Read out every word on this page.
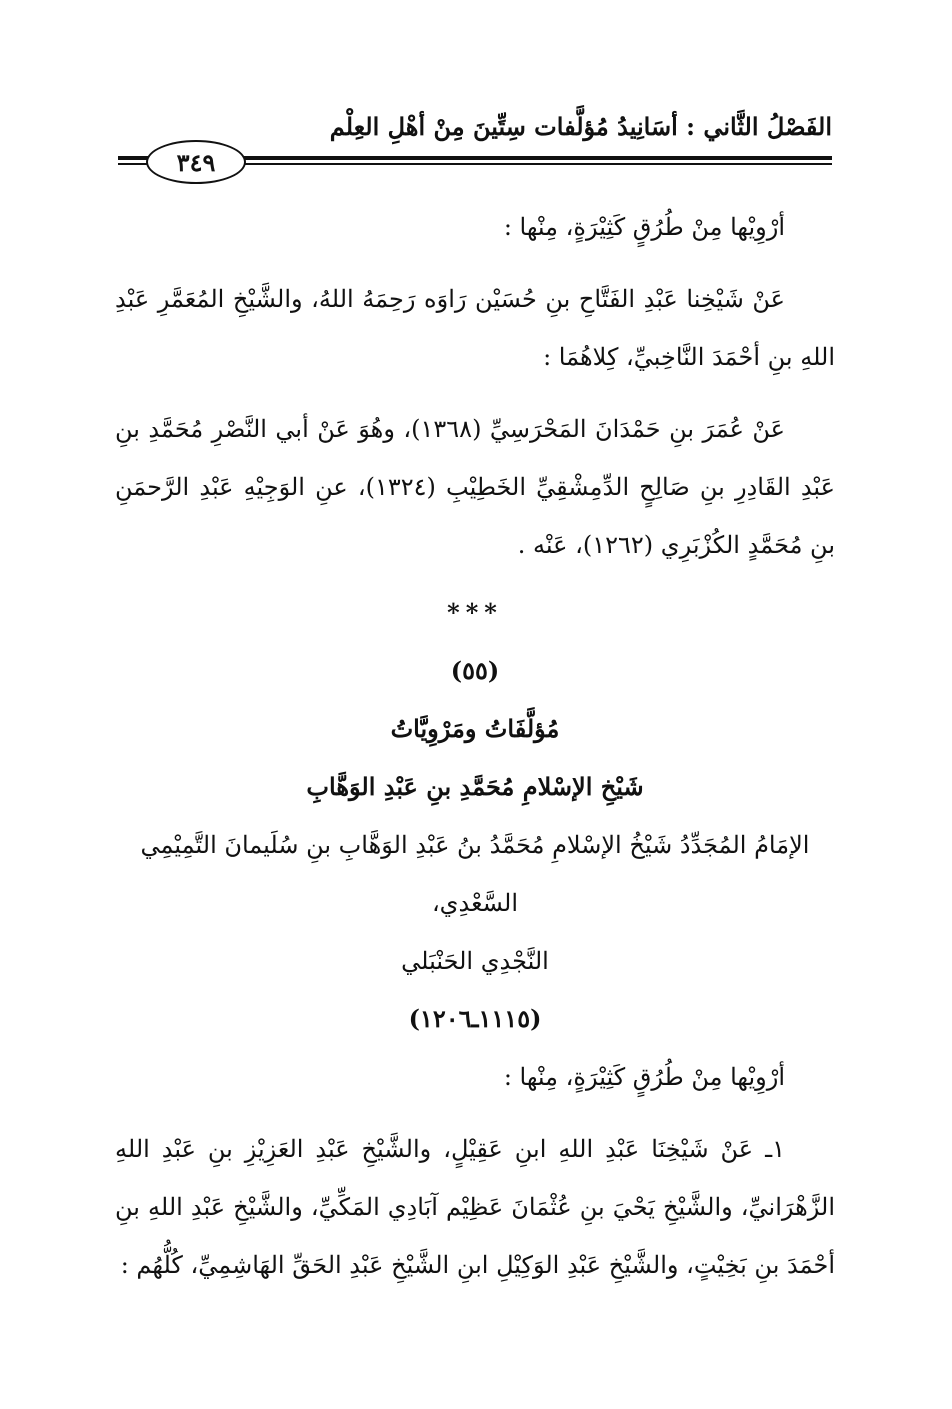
الفَصْلُ الثَّاني : أسَانِيدُ مُؤلَّفات سِتِّينَ مِنْ أهْلِ العِلْم
٣٤٩

أرْوِيْها مِنْ طُرُقٍ كَثِيْرَةٍ، مِنْها :

عَنْ شَيْخِنا عَبْدِ الفَتَّاحِ بنِ حُسَيْن رَاوَه رَحِمَهُ اللهُ، والشَّيْخِ المُعَمَّرِ عَبْدِ اللهِ بنِ أحْمَدَ النَّاخِبيِّ، كِلاهُمَا :

عَنْ عُمَرَ بنِ حَمْدَانَ المَحْرَسِيِّ (١٣٦٨)، وهُوَ عَنْ أبي النَّصْرِ مُحَمَّدِ بنِ عَبْدِ القَادِرِ بنِ صَالِحٍ الدِّمِشْقِيِّ الخَطِيْبِ (١٣٢٤)، عنِ الوَجِيْهِ عَبْدِ الرَّحمَنِ بنِ مُحَمَّدٍ الكُزْبَرِي (١٢٦٢)، عَنْه .

***

(٥٥)

مُؤلَّفَاتُ ومَرْوِيَّاتُ

شَيْخِ الإسْلامِ مُحَمَّدِ بنِ عَبْدِ الوَهَّابِ

الإمَامُ المُجَدِّدُ شَيْخُ الإسْلامِ مُحَمَّدُ بنُ عَبْدِ الوَهَّابِ بنِ سُلَيمانَ التَّمِيْمِي السَّعْدِي،

النَّجْدِي الحَنْبَلي

(١١١٥ـ١٢٠٦)

أرْوِيْها مِنْ طُرُقٍ كَثِيْرَةٍ، مِنْها :

١ـ عَنْ شَيْخِنَا عَبْدِ اللهِ ابنِ عَقِيْلٍ، والشَّيْخِ عَبْدِ العَزِيْزِ بنِ عَبْدِ اللهِ الزَّهْرَانيِّ، والشَّيْخِ يَحْيَ بنِ عُثْمَانَ عَظِيْم آبَادِي المَكِّيِّ، والشَّيْخِ عَبْدِ اللهِ بنِ أحْمَدَ بنِ بَخِيْتٍ، والشَّيْخِ عَبْدِ الوَكِيْلِ ابنِ الشَّيْخِ عَبْدِ الحَقِّ الهَاشِمِيِّ، كُلُّهُم :
